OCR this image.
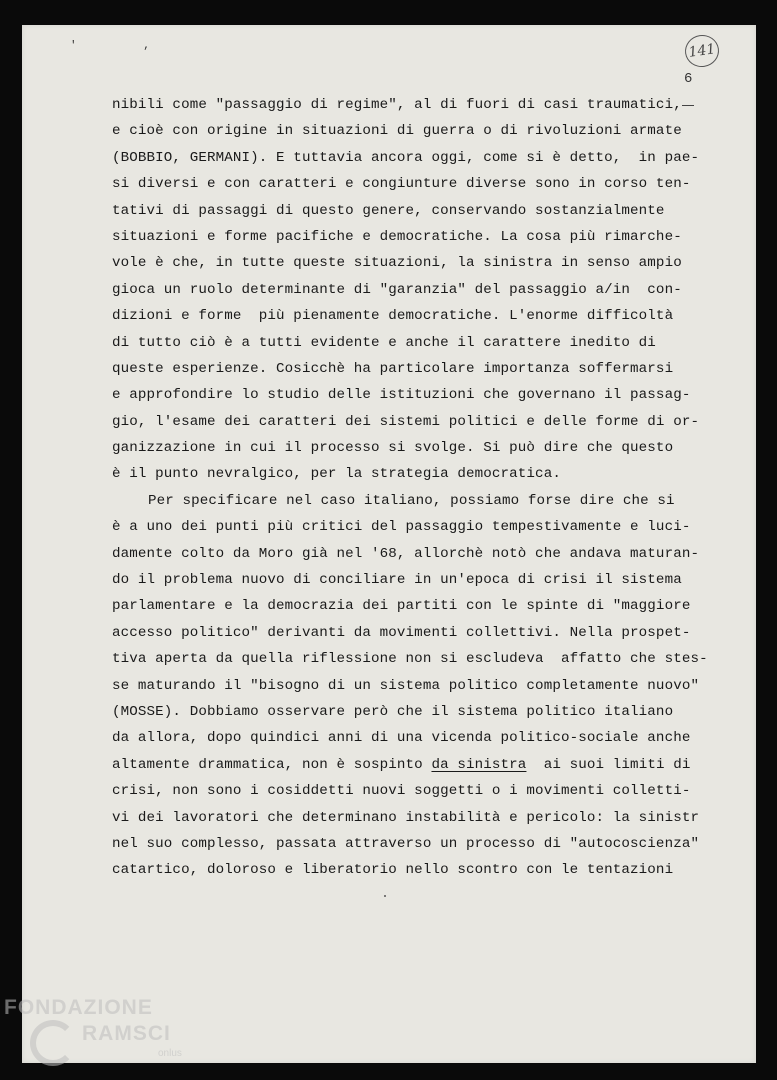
' ,	141
6
nibili come "passaggio di regime", al di fuori di casi traumatici,
e cioè con origine in situazioni di guerra o di rivoluzioni armate
(BOBBIO, GERMANI). E tuttavia ancora oggi, come si è detto,  in pae-
si diversi e con caratteri e congiunture diverse sono in corso ten-
tativi di passaggi di questo genere, conservando sostanzialmente
situazioni e forme pacifiche e democratiche. La cosa più rimarche-
vole è che, in tutte queste situazioni, la sinistra in senso ampio
gioca un ruolo determinante di "garanzia" del passaggio a/in  con-
dizioni e forme  più pienamente democratiche. L'enorme difficoltà
di tutto ciò è a tutti evidente e anche il carattere inedito di
queste esperienze. Cosicchè ha particolare importanza soffermarsi
e approfondire lo studio delle istituzioni che governano il passag-
gio, l'esame dei caratteri dei sistemi politici e delle forme di or-
ganizzazione in cui il processo si svolge. Si può dire che questo
è il punto nevralgico, per la strategia democratica.
Per specificare nel caso italiano, possiamo forse dire che si
è a uno dei punti più critici del passaggio tempestivamente e luci-
damente colto da Moro già nel '68, allorchè notò che andava maturan-
do il problema nuovo di conciliare in un'epoca di crisi il sistema
parlamentare e la democrazia dei partiti con le spinte di "maggiore
accesso politico" derivanti da movimenti collettivi. Nella prospet-
tiva aperta da quella riflessione non si escludeva  affatto che stes-
se maturando il "bisogno di un sistema politico completamente nuovo"
(MOSSE). Dobbiamo osservare però che il sistema politico italiano
da allora, dopo quindici anni di una vicenda politico-sociale anche
altamente drammatica, non è sospinto da sinistra  ai suoi limiti di
crisi, non sono i cosiddetti nuovi soggetti o i movimenti colletti-
vi dei lavoratori che determinano instabilità e pericolo: la sinistr
nel suo complesso, passata attraverso un processo di "autocoscienza"
catartico, doloroso e liberatorio nello scontro con le tentazioni
FONDAZIONE
RAMSCI
onlus
